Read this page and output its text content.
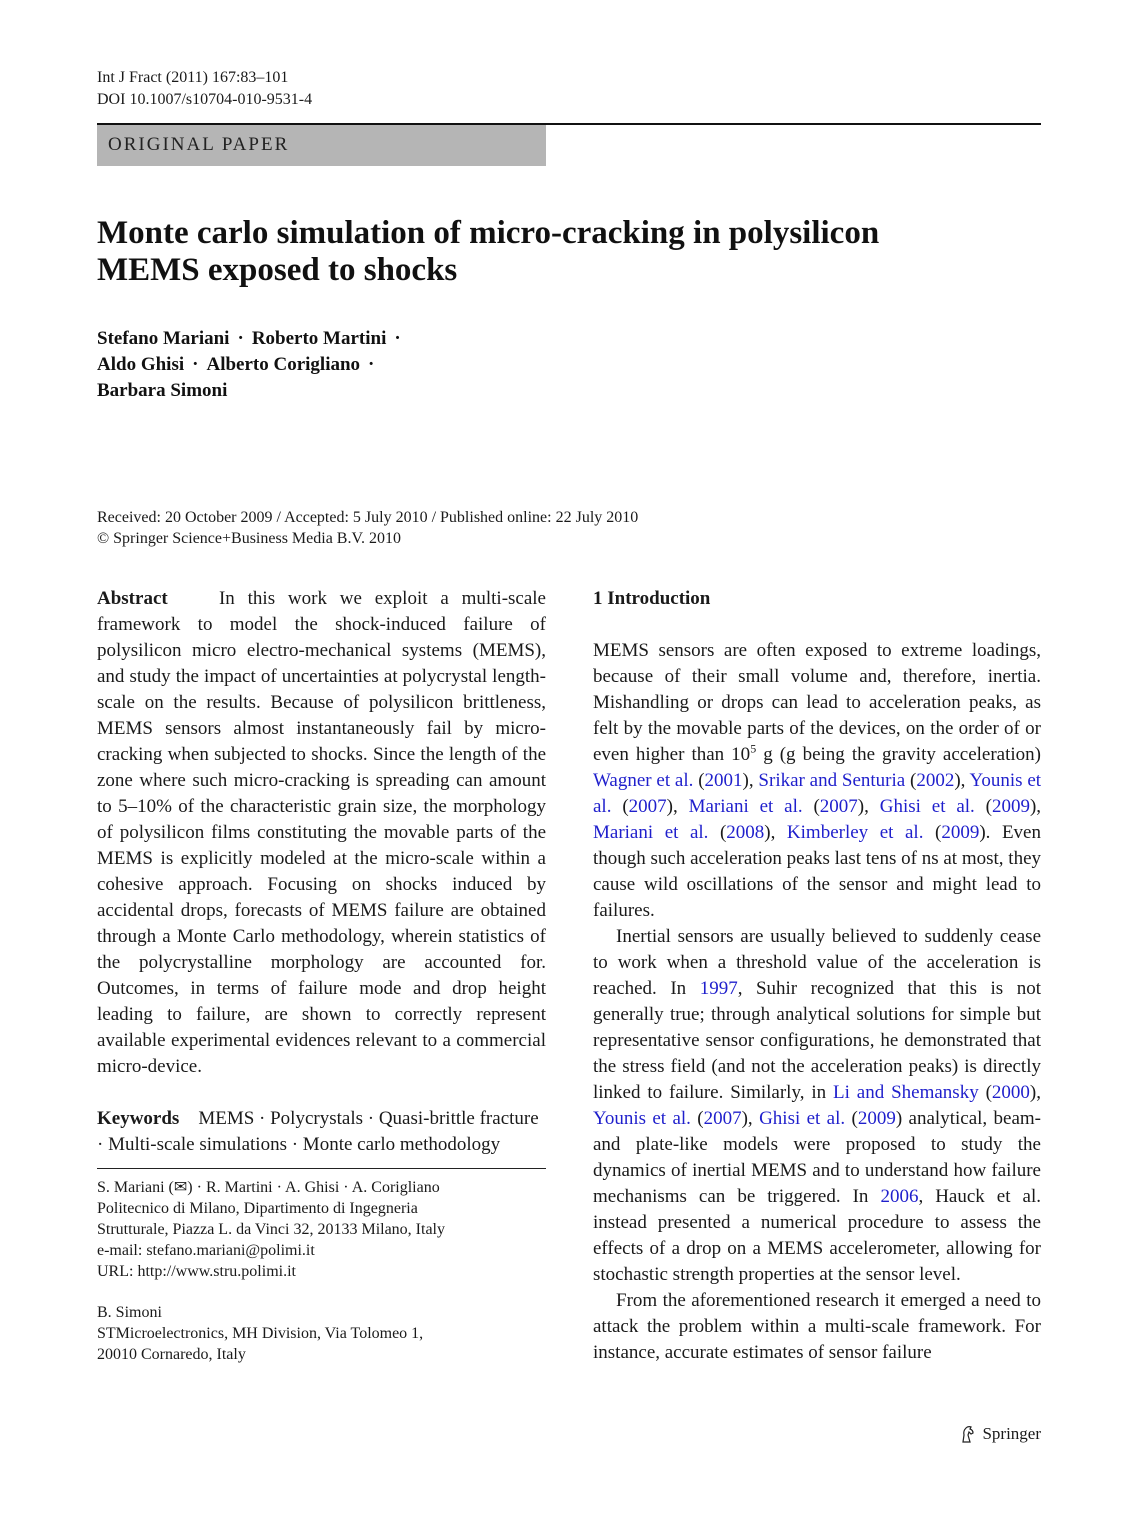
Int J Fract (2011) 167:83–101
DOI 10.1007/s10704-010-9531-4
ORIGINAL PAPER
Monte carlo simulation of micro-cracking in polysilicon
MEMS exposed to shocks
Stefano Mariani · Roberto Martini ·
Aldo Ghisi · Alberto Corigliano ·
Barbara Simoni
Received: 20 October 2009 / Accepted: 5 July 2010 / Published online: 22 July 2010
© Springer Science+Business Media B.V. 2010

Abstract	In this work we exploit a multi-scale framework to model the shock-induced failure of polysilicon micro electro-mechanical systems (MEMS), and study the impact of uncertainties at polycrystal length-scale on the results. Because of polysilicon brittleness, MEMS sensors almost instantaneously fail by micro-cracking when subjected to shocks. Since the length of the zone where such micro-cracking is spreading can amount to 5–10% of the characteristic grain size, the morphology of polysilicon films constituting the movable parts of the MEMS is explicitly modeled at the micro-scale within a cohesive approach. Focusing on shocks induced by accidental drops, forecasts of MEMS failure are obtained through a Monte Carlo methodology, wherein statistics of the polycrystalline morphology are accounted for. Outcomes, in terms of failure mode and drop height leading to failure, are shown to correctly represent available experimental evidences relevant to a commercial micro-device.

Keywords MEMS · Polycrystals · Quasi-brittle fracture · Multi-scale simulations · Monte carlo methodology

S. Mariani (✉) · R. Martini · A. Ghisi · A. Corigliano
Politecnico di Milano, Dipartimento di Ingegneria
Strutturale, Piazza L. da Vinci 32, 20133 Milano, Italy
e-mail: stefano.mariani@polimi.it
URL: http://www.stru.polimi.it
B. Simoni
STMicroelectronics, MH Division, Via Tolomeo 1,
20010 Cornaredo, Italy
1 Introduction

MEMS sensors are often exposed to extreme loadings, because of their small volume and, therefore, inertia. Mishandling or drops can lead to acceleration peaks, as felt by the movable parts of the devices, on the order of or even higher than $10^5$ g (g being the gravity acceleration) Wagner et al. (2001), Srikar and Senturia (2002), Younis et al. (2007), Mariani et al. (2007), Ghisi et al. (2009), Mariani et al. (2008), Kimberley et al. (2009). Even though such acceleration peaks last tens of ns at most, they cause wild oscillations of the sensor and might lead to failures.

Inertial sensors are usually believed to suddenly cease to work when a threshold value of the acceleration is reached. In 1997, Suhir recognized that this is not generally true; through analytical solutions for simple but representative sensor configurations, he demonstrated that the stress field (and not the acceleration peaks) is directly linked to failure. Similarly, in Li and Shemansky (2000), Younis et al. (2007), Ghisi et al. (2009) analytical, beam- and plate-like models were proposed to study the dynamics of inertial MEMS and to understand how failure mechanisms can be triggered. In 2006, Hauck et al. instead presented a numerical procedure to assess the effects of a drop on a MEMS accelerometer, allowing for stochastic strength properties at the sensor level.

From the aforementioned research it emerged a need to attack the problem within a multi-scale framework. For instance, accurate estimates of sensor failure

Springer
